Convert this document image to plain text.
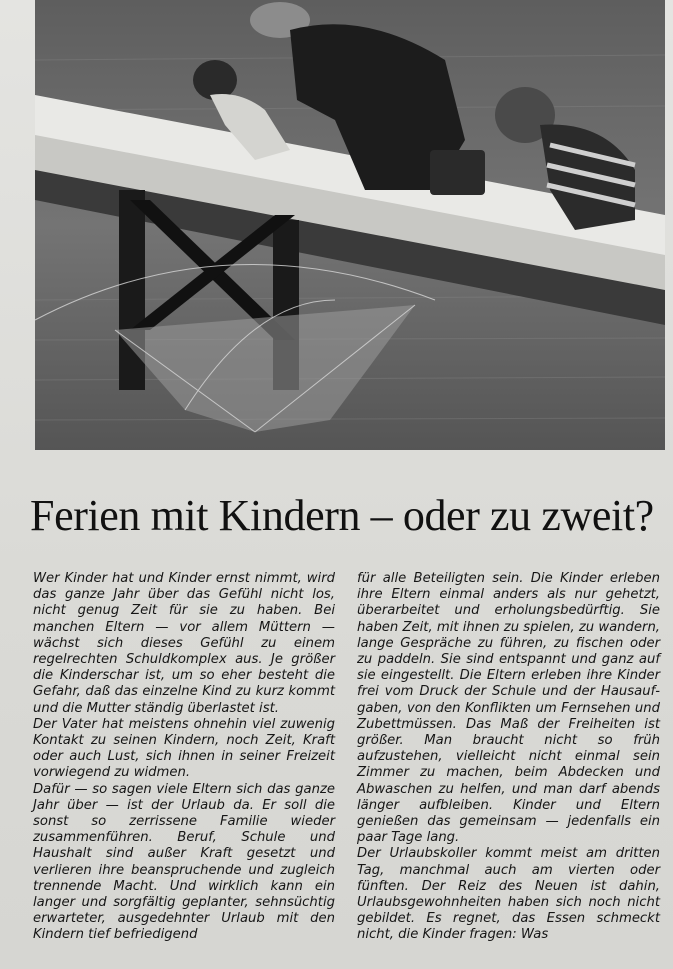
Ferien mit Kindern – oder zu zweit?

Wer Kinder hat und Kinder ernst nimmt, wird das ganze Jahr über das Gefühl nicht los, nicht genug Zeit für sie zu haben. Bei manchen Eltern — vor allem Müttern — wächst sich dieses Gefühl zu einem regelrechten Schuldkomplex aus. Je größer die Kinderschar ist, um so eher besteht die Gefahr, daß das einzelne Kind zu kurz kommt und die Mutter ständig überlastet ist.

Der Vater hat meistens ohnehin viel zuwenig Kontakt zu seinen Kindern, noch Zeit, Kraft oder auch Lust, sich ihnen in seiner Freizeit vorwiegend zu widmen.

Dafür — so sagen viele Eltern sich das ganze Jahr über — ist der Urlaub da. Er soll die sonst so zerrissene Familie wieder zusammenführen. Beruf, Schule und Haushalt sind außer Kraft gesetzt und verlieren ihre beanspruchende und zugleich trennende Macht. Und wirklich kann ein langer und sorgfältig geplanter, sehnsüchtig erwarteter, ausgedehnter Urlaub mit den Kindern tief befriedigend

für alle Beteiligten sein. Die Kinder erleben ihre Eltern einmal anders als nur gehetzt, überarbeitet und erholungsbedürftig. Sie haben Zeit, mit ihnen zu spielen, zu wandern, lange Gespräche zu führen, zu fischen oder zu paddeln. Sie sind entspannt und ganz auf sie eingestellt. Die Eltern erleben ihre Kinder frei vom Druck der Schule und der Hausaufgaben, von den Konflikten um Fernsehen und Zubettmüssen. Das Maß der Freiheiten ist größer. Man braucht nicht so früh aufzustehen, vielleicht nicht einmal sein Zimmer zu machen, beim Abdecken und Abwaschen zu helfen, und man darf abends länger aufbleiben. Kinder und Eltern genießen das gemeinsam — jedenfalls ein paar Tage lang.

Der Urlaubskoller kommt meist am dritten Tag, manchmal auch am vierten oder fünften. Der Reiz des Neuen ist dahin, Urlaubsgewohnheiten haben sich noch nicht gebildet. Es regnet, das Essen schmeckt nicht, die Kinder fragen: Was
